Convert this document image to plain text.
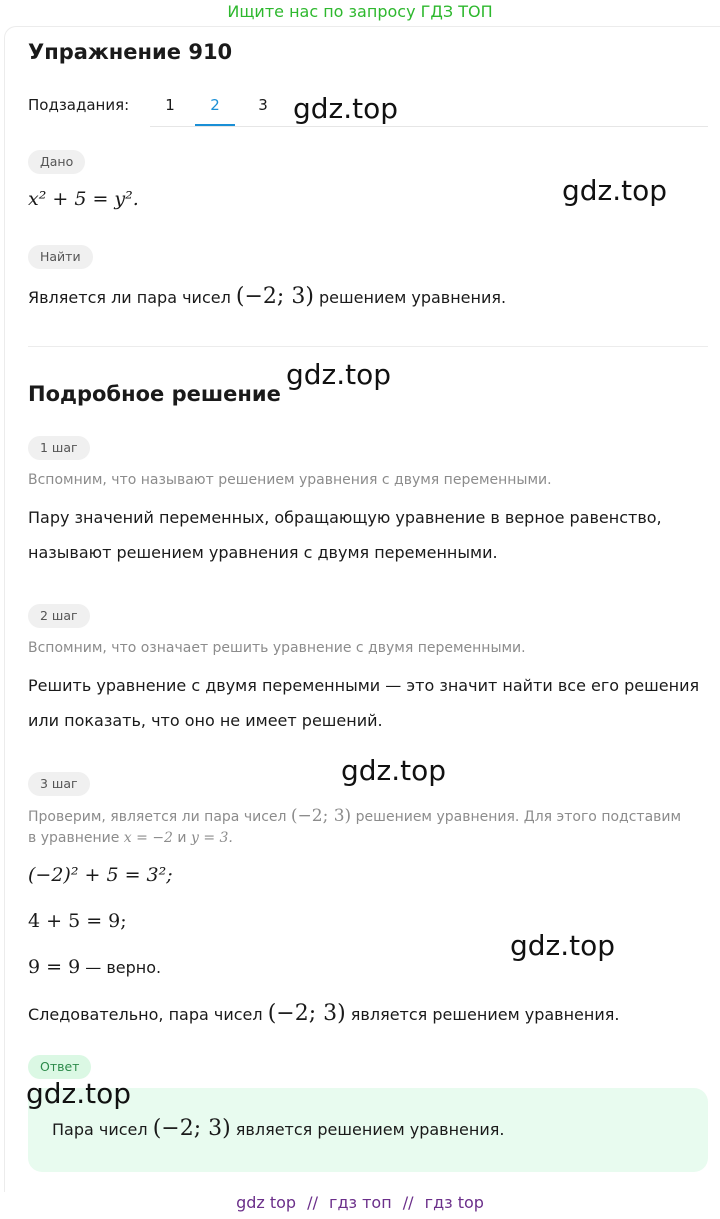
Ищите нас по запросу ГДЗ ТОП
Упражнение 910
Подзадания:	1	2	3
Дано
x² + 5 = y².
Найти
Является ли пара чисел (−2; 3) решением уравнения.
Подробное решение
1 шаг
Вспомним, что называют решением уравнения с двумя переменными.
Пару значений переменных, обращающую уравнение в верное равенство,
называют решением уравнения с двумя переменными.
2 шаг
Вспомним, что означает решить уравнение с двумя переменными.
Решить уравнение с двумя переменными — это значит найти все его решения
или показать, что оно не имеет решений.
3 шаг
Проверим, является ли пара чисел (−2; 3) решением уравнения. Для этого подставим
в уравнение x = −2 и y = 3.
(−2)² + 5 = 3²;
4 + 5 = 9;
9 = 9 — верно.
Следовательно, пара чисел (−2; 3) является решением уравнения.
Ответ
Пара чисел (−2; 3) является решением уравнения.
gdz.top
gdz.top
gdz.top
gdz.top
gdz.top
gdz.top
gdz top // гдз топ // гдз top
